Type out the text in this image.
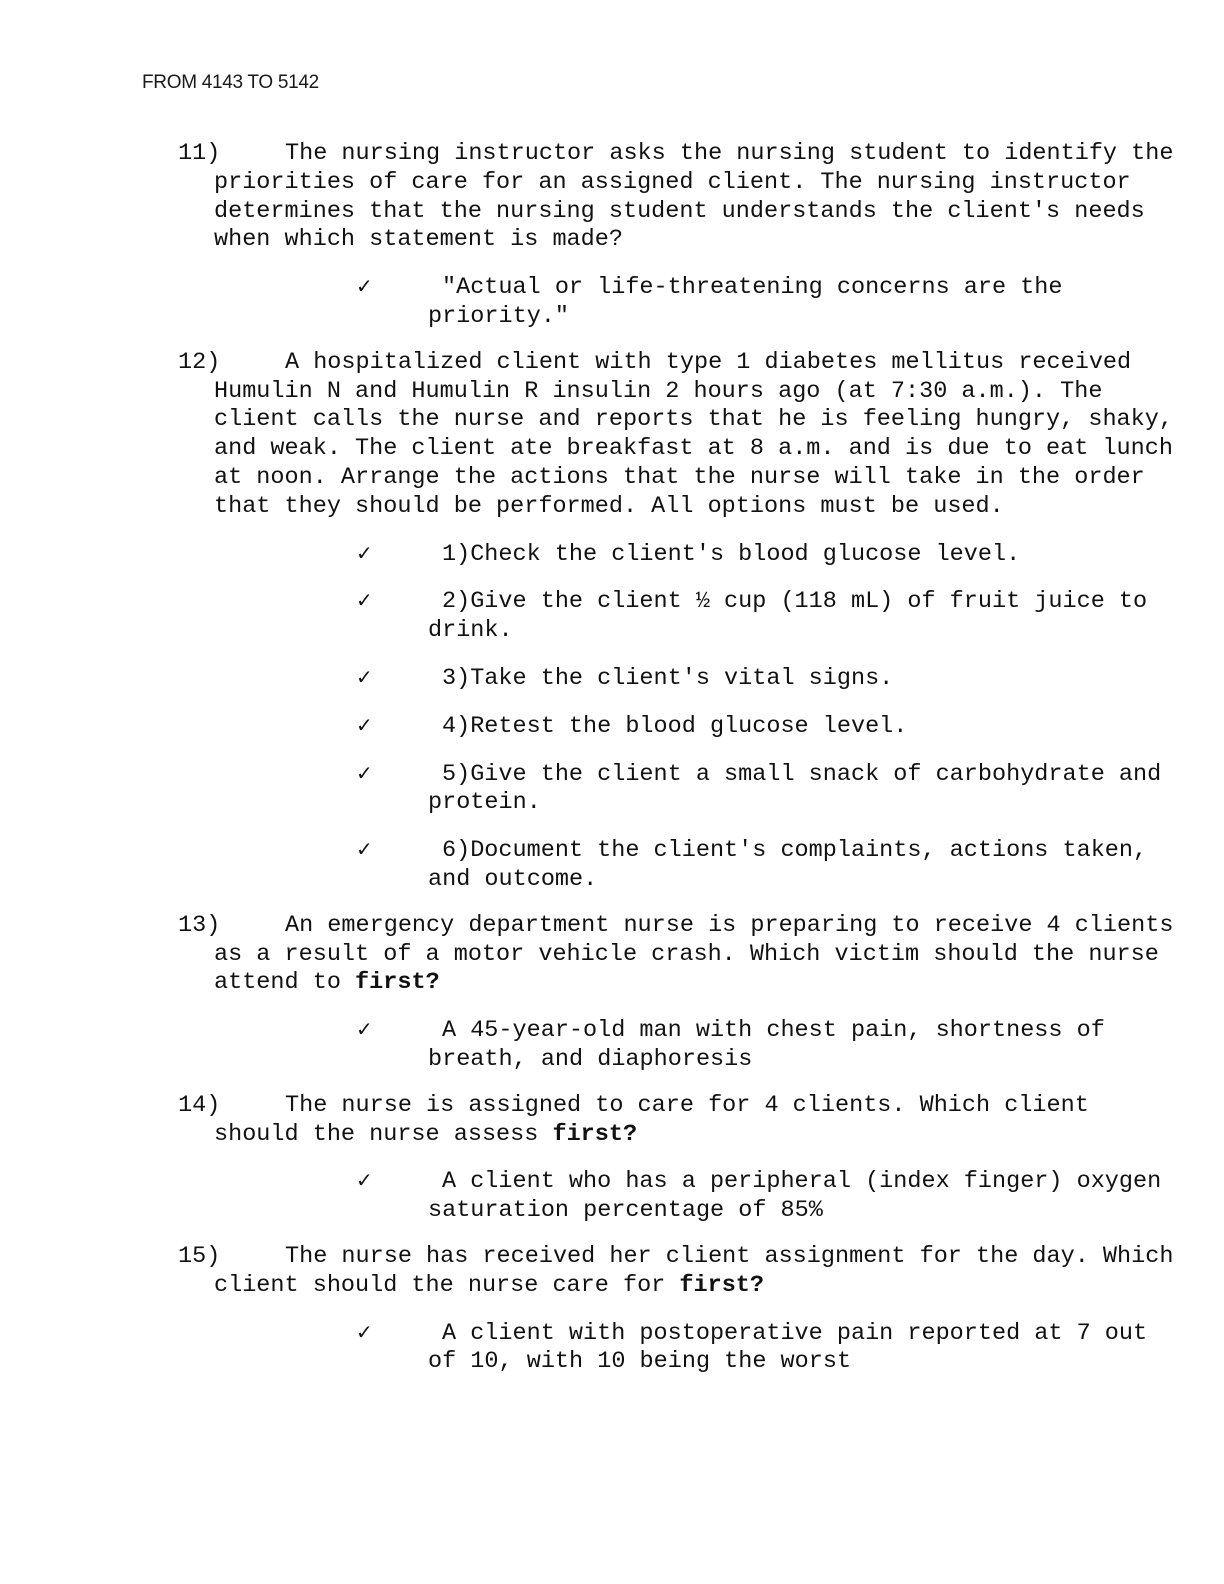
FROM 4143 TO 5142
11)	The nursing instructor asks the nursing student to identify the priorities of care for an assigned client. The nursing instructor determines that the nursing student understands the client's needs when which statement is made?
✓	"Actual or life-threatening concerns are the priority."
12)	A hospitalized client with type 1 diabetes mellitus received Humulin N and Humulin R insulin 2 hours ago (at 7:30 a.m.). The client calls the nurse and reports that he is feeling hungry, shaky, and weak. The client ate breakfast at 8 a.m. and is due to eat lunch at noon. Arrange the actions that the nurse will take in the order that they should be performed. All options must be used.
✓	1)Check the client's blood glucose level.
✓	2)Give the client ½ cup (118 mL) of fruit juice to drink.
✓	3)Take the client's vital signs.
✓	4)Retest the blood glucose level.
✓	5)Give the client a small snack of carbohydrate and protein.
✓	6)Document the client's complaints, actions taken, and outcome.
13)	An emergency department nurse is preparing to receive 4 clients as a result of a motor vehicle crash. Which victim should the nurse attend to first?
✓	A 45-year-old man with chest pain, shortness of breath, and diaphoresis
14)	The nurse is assigned to care for 4 clients. Which client should the nurse assess first?
✓	A client who has a peripheral (index finger) oxygen saturation percentage of 85%
15)	The nurse has received her client assignment for the day. Which client should the nurse care for first?
✓	A client with postoperative pain reported at 7 out of 10, with 10 being the worst
